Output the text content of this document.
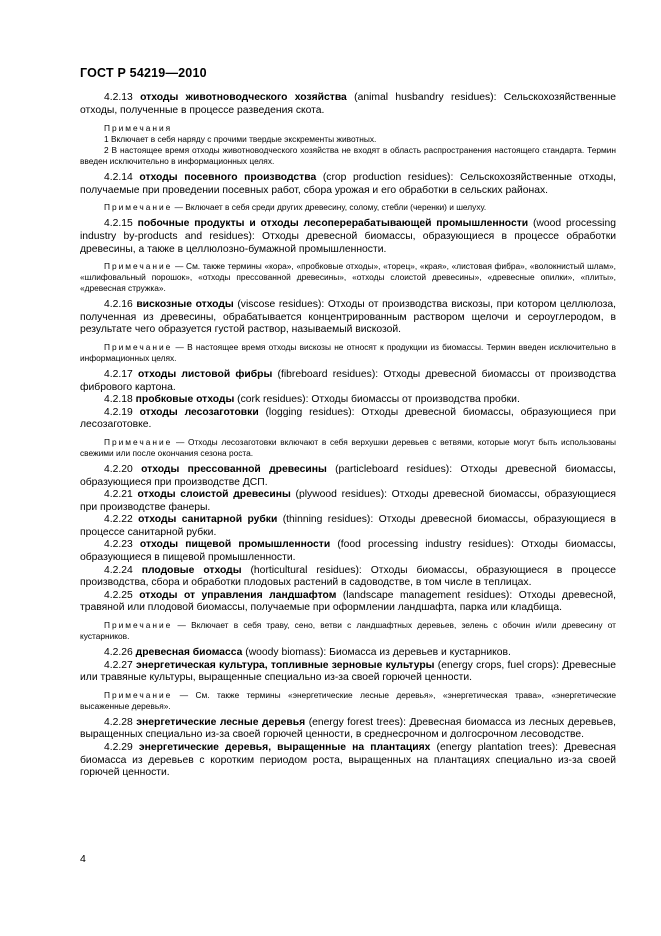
ГОСТ Р 54219—2010

4.2.13 отходы животноводческого хозяйства (animal husbandry residues): Сельскохозяйственные отходы, полученные в процессе разведения скота.

Примечания

1 Включает в себя наряду с прочими твердые экскременты животных.

2 В настоящее время отходы животноводческого хозяйства не входят в область распространения настоящего стандарта. Термин введен исключительно в информационных целях.

4.2.14 отходы посевного производства (crop production residues): Сельскохозяйственные отходы, получаемые при проведении посевных работ, сбора урожая и его обработки в сельских районах.

Примечание — Включает в себя среди других древесину, солому, стебли (черенки) и шелуху.

4.2.15 побочные продукты и отходы лесоперерабатывающей промышленности (wood processing industry by-products and residues): Отходы древесной биомассы, образующиеся в процессе обработки древесины, а также в целлюлозно-бумажной промышленности.

Примечание — См. также термины «кора», «пробковые отходы», «торец», «края», «листовая фибра», «волокнистый шлам», «шлифовальный порошок», «отходы прессованной древесины», «отходы слоистой древесины», «древесные опилки», «плиты», «древесная стружка».

4.2.16 вискозные отходы (viscose residues): Отходы от производства вискозы, при котором целлюлоза, полученная из древесины, обрабатывается концентрированным раствором щелочи и сероуглеродом, в результате чего образуется густой раствор, называемый вискозой.

Примечание — В настоящее время отходы вискозы не относят к продукции из биомассы. Термин введен исключительно в информационных целях.

4.2.17 отходы листовой фибры (fibreboard residues): Отходы древесной биомассы от производства фибрового картона.

4.2.18 пробковые отходы (cork residues): Отходы биомассы от производства пробки.

4.2.19 отходы лесозаготовки (logging residues): Отходы древесной биомассы, образующиеся при лесозаготовке.

Примечание — Отходы лесозаготовки включают в себя верхушки деревьев с ветвями, которые могут быть использованы свежими или после окончания сезона роста.

4.2.20 отходы прессованной древесины (particleboard residues): Отходы древесной биомассы, образующиеся при производстве ДСП.

4.2.21 отходы слоистой древесины (plywood residues): Отходы древесной биомассы, образующиеся при производстве фанеры.

4.2.22 отходы санитарной рубки (thinning residues): Отходы древесной биомассы, образующиеся в процессе санитарной рубки.

4.2.23 отходы пищевой промышленности (food processing industry residues): Отходы биомассы, образующиеся в пищевой промышленности.

4.2.24 плодовые отходы (horticultural residues): Отходы биомассы, образующиеся в процессе производства, сбора и обработки плодовых растений в садоводстве, в том числе в теплицах.

4.2.25 отходы от управления ландшафтом (landscape management residues): Отходы древесной, травяной или плодовой биомассы, получаемые при оформлении ландшафта, парка или кладбища.

Примечание — Включает в себя траву, сено, ветви с ландшафтных деревьев, зелень с обочин и/или древесину от кустарников.

4.2.26 древесная биомасса (woody biomass): Биомасса из деревьев и кустарников.

4.2.27 энергетическая культура, топливные зерновые культуры (energy crops, fuel crops): Древесные или травяные культуры, выращенные специально из-за своей горючей ценности.

Примечание — См. также термины «энергетические лесные деревья», «энергетическая трава», «энергетические высаженные деревья».

4.2.28 энергетические лесные деревья (energy forest trees): Древесная биомасса из лесных деревьев, выращенных специально из-за своей горючей ценности, в среднесрочном и долгосрочном лесоводстве.

4.2.29 энергетические деревья, выращенные на плантациях (energy plantation trees): Древесная биомасса из деревьев с коротким периодом роста, выращенных на плантациях специально из-за своей горючей ценности.

4
